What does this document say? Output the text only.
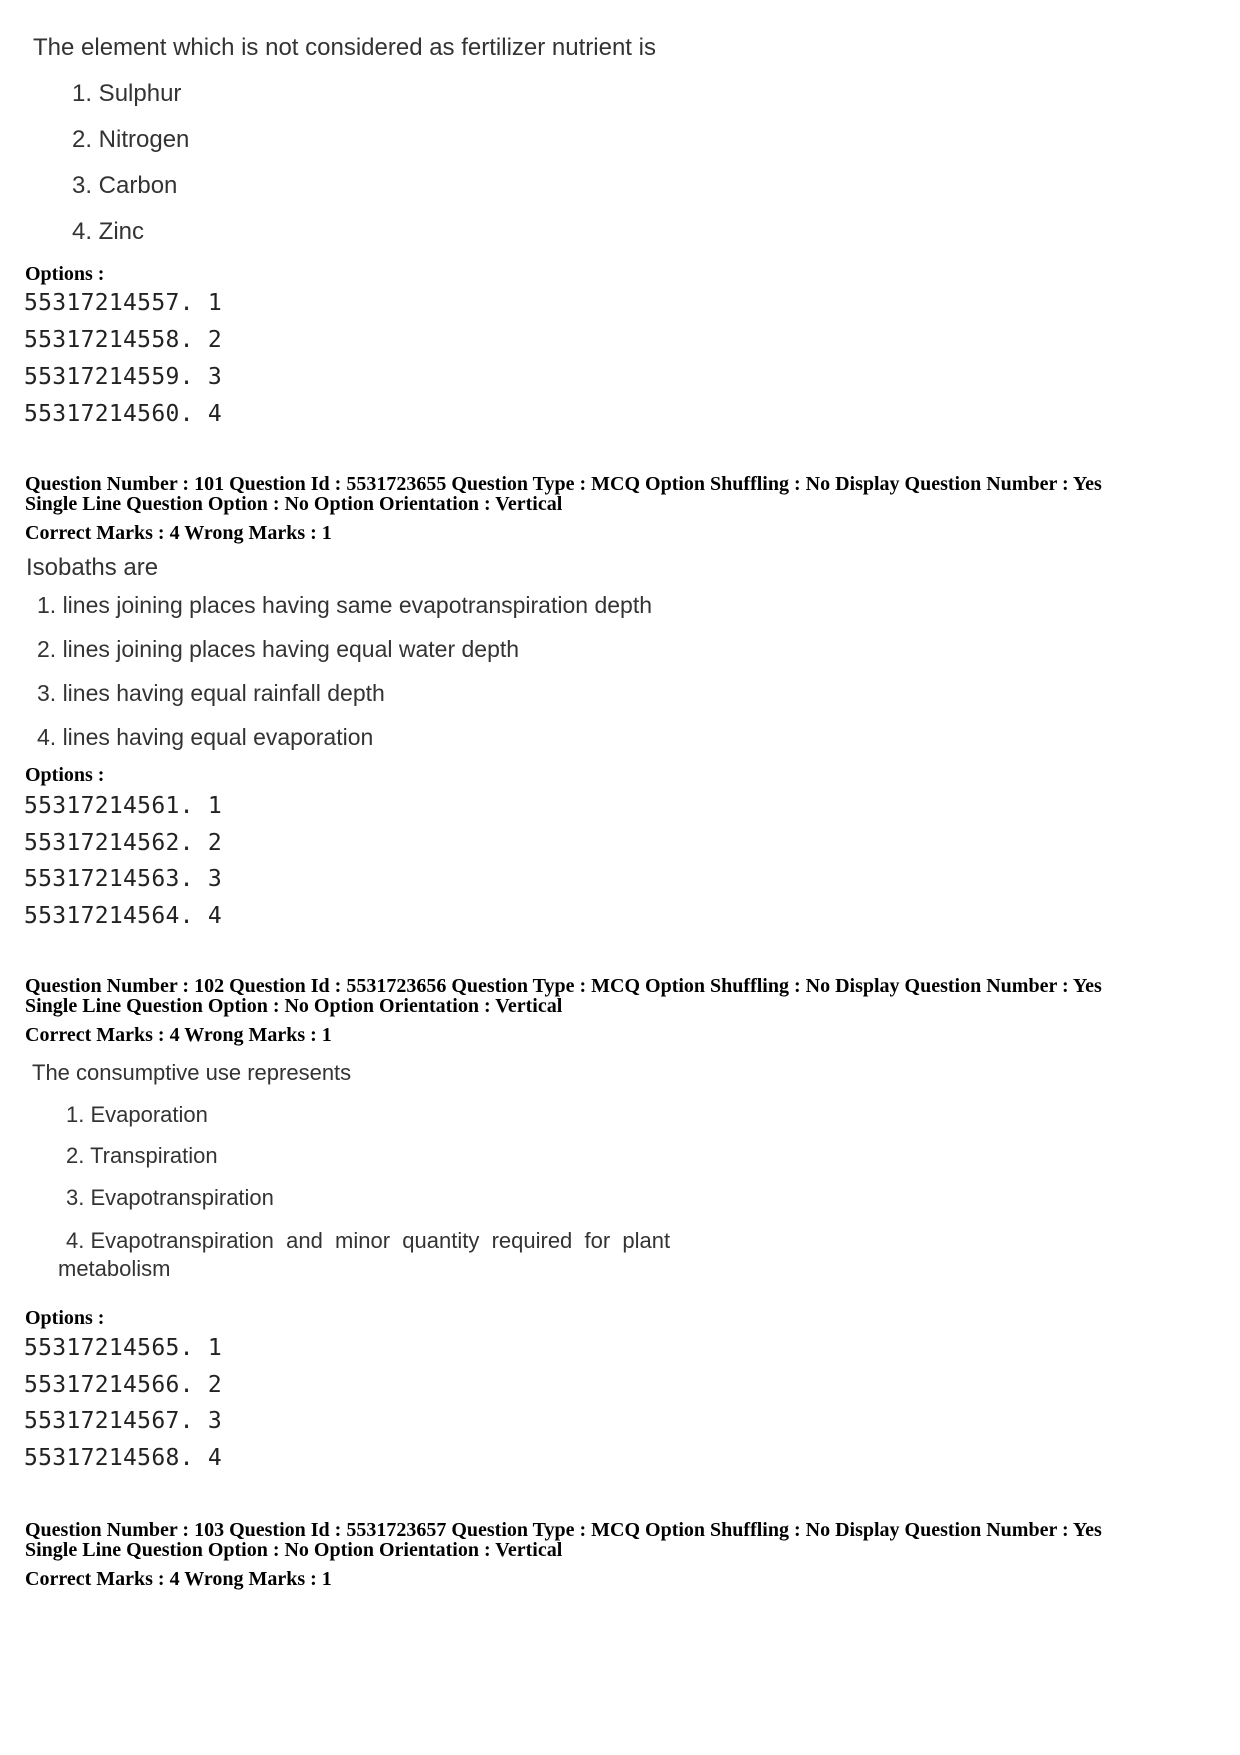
The element which is not considered as fertilizer nutrient is
1. Sulphur
2. Nitrogen
3. Carbon
4. Zinc
Options :
55317214557. 1
55317214558. 2
55317214559. 3
55317214560. 4
Question Number : 101 Question Id : 5531723655 Question Type : MCQ Option Shuffling : No Display Question Number : Yes
Single Line Question Option : No Option Orientation : Vertical
Correct Marks : 4 Wrong Marks : 1
Isobaths are
1. lines joining places having same evapotranspiration depth
2. lines joining places having equal water depth
3. lines having equal rainfall depth
4. lines having equal evaporation
Options :
55317214561. 1
55317214562. 2
55317214563. 3
55317214564. 4
Question Number : 102 Question Id : 5531723656 Question Type : MCQ Option Shuffling : No Display Question Number : Yes
Single Line Question Option : No Option Orientation : Vertical
Correct Marks : 4 Wrong Marks : 1
The consumptive use represents
1. Evaporation
2. Transpiration
3. Evapotranspiration
4. Evapotranspiration  and  minor  quantity  required  for  plant
metabolism
Options :
55317214565. 1
55317214566. 2
55317214567. 3
55317214568. 4
Question Number : 103 Question Id : 5531723657 Question Type : MCQ Option Shuffling : No Display Question Number : Yes
Single Line Question Option : No Option Orientation : Vertical
Correct Marks : 4 Wrong Marks : 1
